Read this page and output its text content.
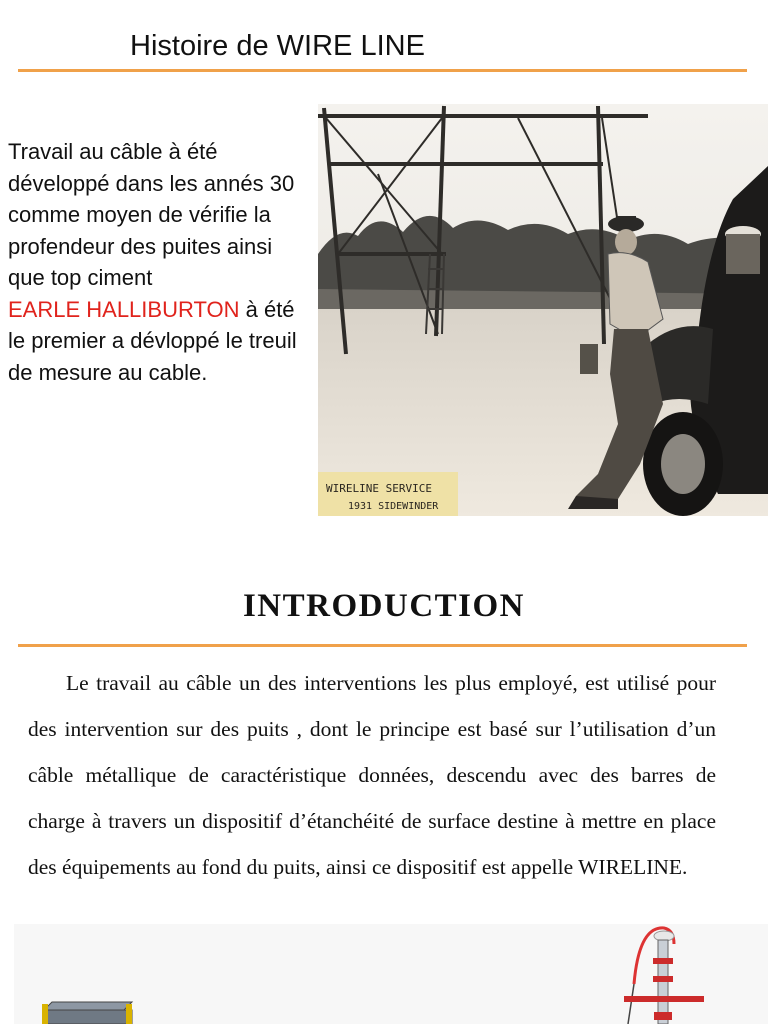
Histoire de WIRE LINE

Travail au câble à été développé dans les annés 30 comme moyen de vérifie la profendeur des puites ainsi que top ciment
EARLE HALLIBURTON à été le premier a dévloppé le treuil de mesure au cable.

WIRELINE SERVICE
1931 SIDEWINDER
INTRODUCTION

Le travail au câble un des interventions les plus employé, est utilisé pour des intervention sur des puits , dont le principe est basé sur l’utilisation d’un câble métallique de caractéristique données, descendu avec des barres de charge à travers un dispositif d’étanchéité de surface destine à mettre en place des équipements au fond du puits, ainsi ce dispositif est appelle WIRELINE.
